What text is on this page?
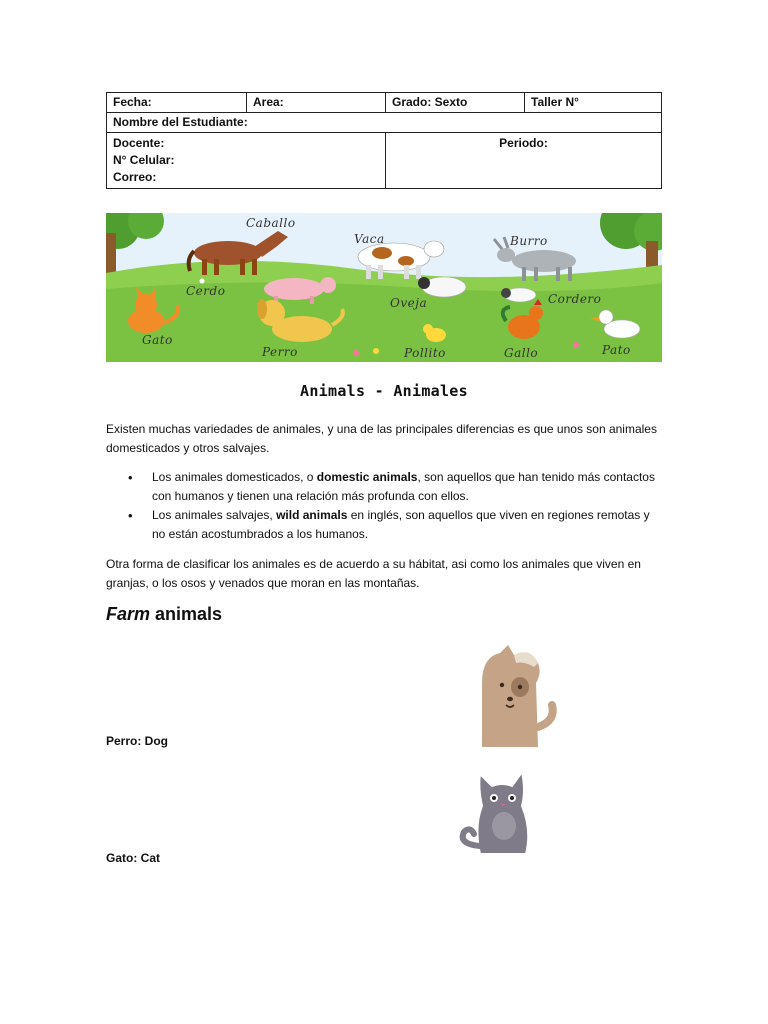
Fecha:	Area:	Grado: Sexto	Taller N°
Nombre del Estudiante:			

Docente:
N° Celular:
Correo:		Periodo:	
Caballo
Vaca	Burro
Cerdo
Oveja	Cordero
Gato
Perro	Pollito	Gallo	Pato
Animals - Animales

Existen muchas variedades de animales, y una de las principales diferencias es que unos son animales domesticados y otros salvajes.

• Los animales domesticados, o domestic animals, son aquellos que han tenido más contactos con humanos y tienen una relación más profunda con ellos.
• Los animales salvajes, wild animals en inglés, son aquellos que viven en regiones remotas y no están acostumbrados a los humanos.

Otra forma de clasificar los animales es de acuerdo a su hábitat, asi como los animales que viven en granjas, o los osos y venados que moran en las montañas.

Farm animals
Perro: Dog
Gato: Cat
